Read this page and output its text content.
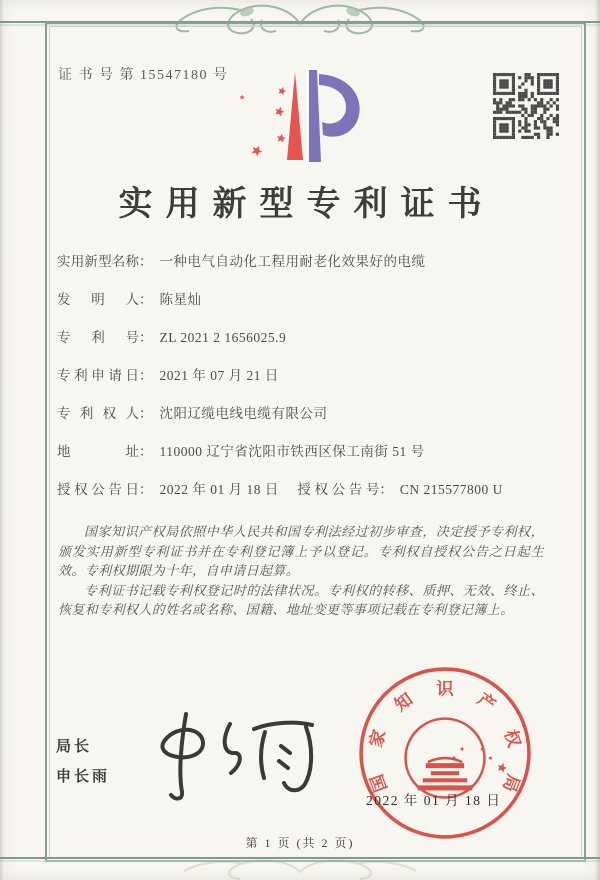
证 书 号 第 15547180 号
实用新型专利证书
实用新型名称： 一种电气自动化工程用耐老化效果好的电缆
发明人： 陈星灿
专利号： ZL 2021 2 1656025.9
专利申请日： 2021 年 07 月 21 日
专利权人： 沈阳辽缆电线电缆有限公司
地址： 110000 辽宁省沈阳市铁西区保工南街 51 号
授权公告日： 2022 年 01 月 18 日 授权公告号： CN 215577800 U

国家知识产权局依照中华人民共和国专利法经过初步审查，决定授予专利权，颁发实用新型专利证书并在专利登记簿上予以登记。专利权自授权公告之日起生效。专利权期限为十年，自申请日起算。

专利证书记载专利权登记时的法律状况。专利权的转移、质押、无效、终止、恢复和专利权人的姓名或名称、国籍、地址变更等事项记载在专利登记簿上。

局长
申长雨	国
家
知
识
产
权
局
2022 年 01 月 18 日
第 1 页 (共 2 页)
